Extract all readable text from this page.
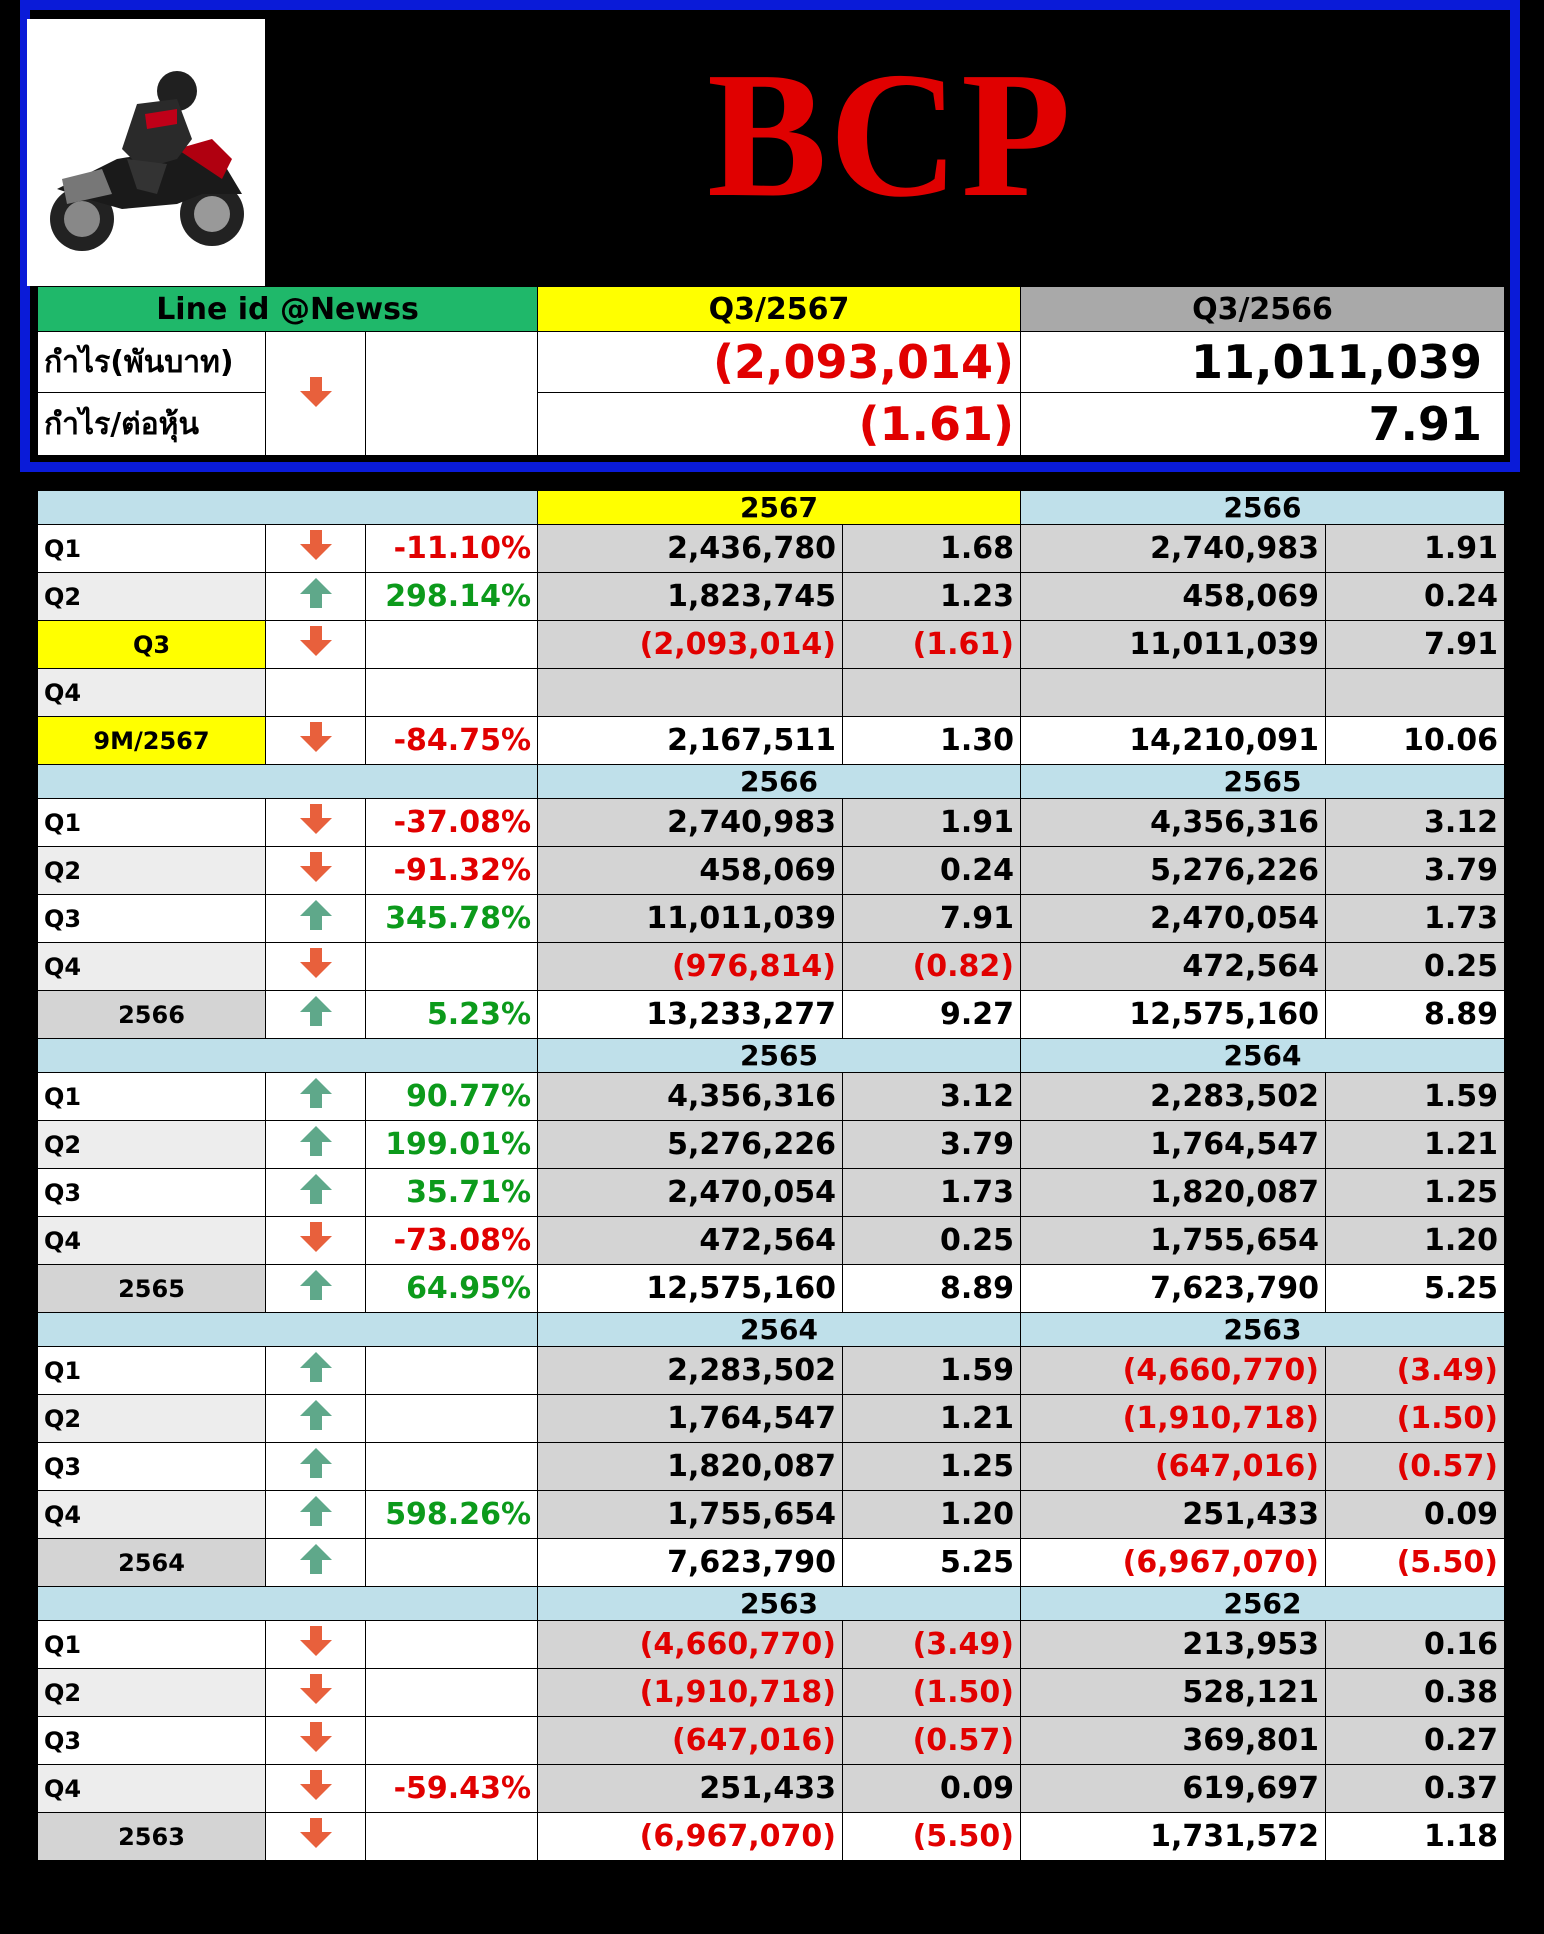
BCP
Line id @Newss			Q3/2567	Q3/2566
กำไร(พันบาท)			(2,093,014)	11,011,039
กำไร/ต่อหุ้น			(1.61)	7.91
			2567		2566	
Q1		-11.10%	2,436,780	1.68	2,740,983	1.91
Q2		298.14%	1,823,745	1.23	458,069	0.24
Q3			(2,093,014)	(1.61)	11,011,039	7.91
Q4						
9M/2567		-84.75%	2,167,511	1.30	14,210,091	10.06
			2566		2565	
Q1		-37.08%	2,740,983	1.91	4,356,316	3.12
Q2		-91.32%	458,069	0.24	5,276,226	3.79
Q3		345.78%	11,011,039	7.91	2,470,054	1.73
Q4			(976,814)	(0.82)	472,564	0.25
2566		5.23%	13,233,277	9.27	12,575,160	8.89
			2565		2564	
Q1		90.77%	4,356,316	3.12	2,283,502	1.59
Q2		199.01%	5,276,226	3.79	1,764,547	1.21
Q3		35.71%	2,470,054	1.73	1,820,087	1.25
Q4		-73.08%	472,564	0.25	1,755,654	1.20
2565		64.95%	12,575,160	8.89	7,623,790	5.25
			2564		2563	
Q1			2,283,502	1.59	(4,660,770)	(3.49)
Q2			1,764,547	1.21	(1,910,718)	(1.50)
Q3			1,820,087	1.25	(647,016)	(0.57)
Q4		598.26%	1,755,654	1.20	251,433	0.09
2564			7,623,790	5.25	(6,967,070)	(5.50)
			2563		2562	
Q1			(4,660,770)	(3.49)	213,953	0.16
Q2			(1,910,718)	(1.50)	528,121	0.38
Q3			(647,016)	(0.57)	369,801	0.27
Q4		-59.43%	251,433	0.09	619,697	0.37
2563			(6,967,070)	(5.50)	1,731,572	1.18
